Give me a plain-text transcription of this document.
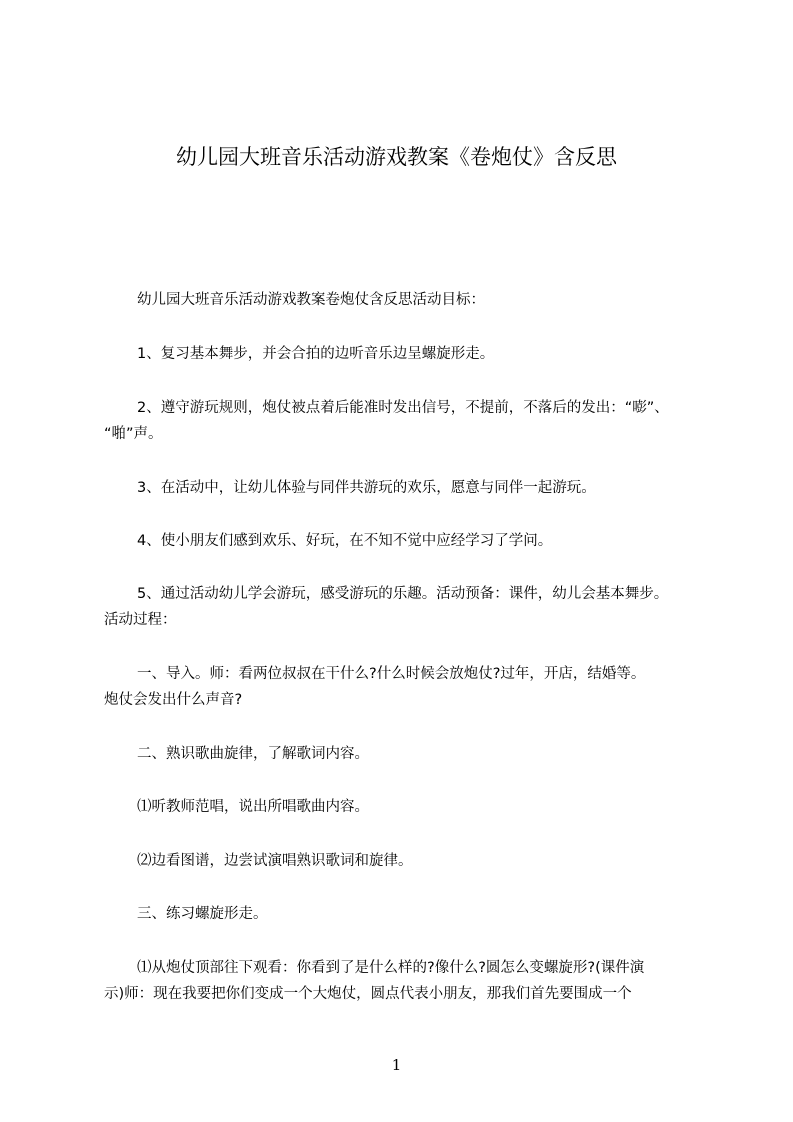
幼儿园大班音乐活动游戏教案《卷炮仗》含反思
幼儿园大班音乐活动游戏教案卷炮仗含反思活动目标：
1、复习基本舞步，并会合拍的边听音乐边呈螺旋形走。
2、遵守游玩规则，炮仗被点着后能准时发出信号，不提前，不落后的发出：“嘭”、
“啪”声。
3、在活动中，让幼儿体验与同伴共游玩的欢乐，愿意与同伴一起游玩。
4、使小朋友们感到欢乐、好玩，在不知不觉中应经学习了学问。
5、通过活动幼儿学会游玩，感受游玩的乐趣。活动预备：课件，幼儿会基本舞步。
活动过程：
一、导入。师：看两位叔叔在干什么?什么时候会放炮仗?过年，开店，结婚等。
炮仗会发出什么声音?
二、熟识歌曲旋律，了解歌词内容。
⑴听教师范唱，说出所唱歌曲内容。
⑵边看图谱，边尝试演唱熟识歌词和旋律。
三、练习螺旋形走。
⑴从炮仗顶部往下观看：你看到了是什么样的?像什么?圆怎么变螺旋形?(课件演
示)师：现在我要把你们变成一个大炮仗，圆点代表小朋友，那我们首先要围成一个
1
